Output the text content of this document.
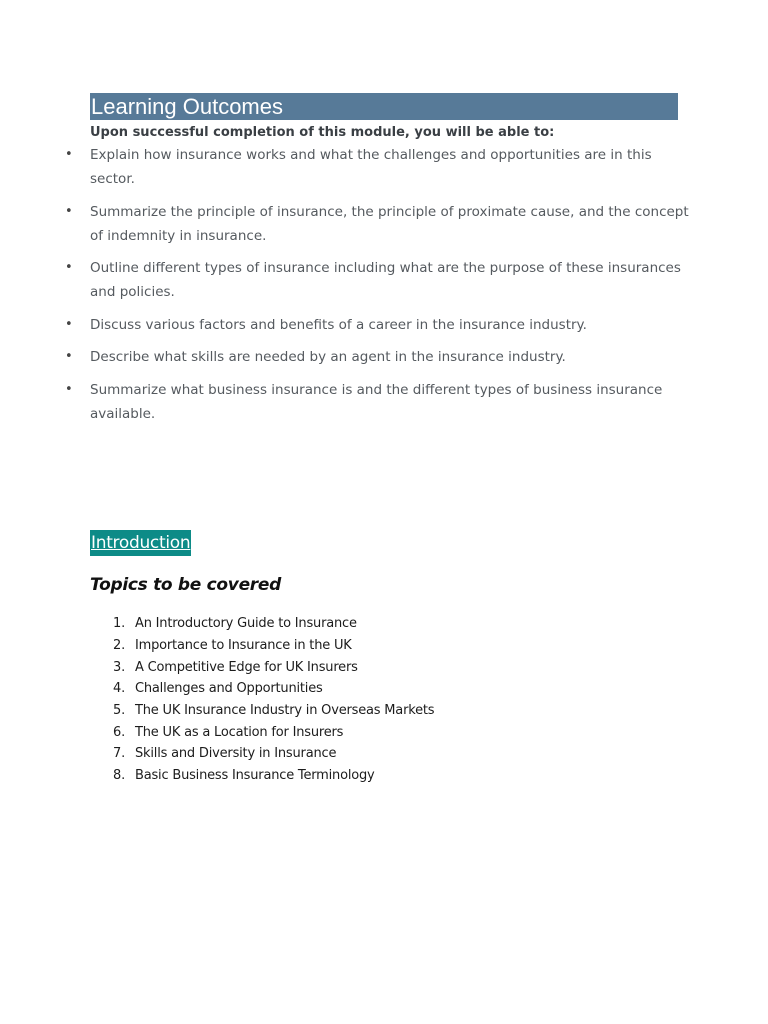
Learning Outcomes
Upon successful completion of this module, you will be able to:
• Explain how insurance works and what the challenges and opportunities are in this sector.
• Summarize the principle of insurance, the principle of proximate cause, and the concept of indemnity in insurance.
• Outline different types of insurance including what are the purpose of these insurances and policies.
• Discuss various factors and benefits of a career in the insurance industry.
• Describe what skills are needed by an agent in the insurance industry.
• Summarize what business insurance is and the different types of business insurance available.
Introduction
Topics to be covered
1. An Introductory Guide to Insurance
2. Importance to Insurance in the UK
3. A Competitive Edge for UK Insurers
4. Challenges and Opportunities
5. The UK Insurance Industry in Overseas Markets
6. The UK as a Location for Insurers
7. Skills and Diversity in Insurance
8. Basic Business Insurance Terminology
